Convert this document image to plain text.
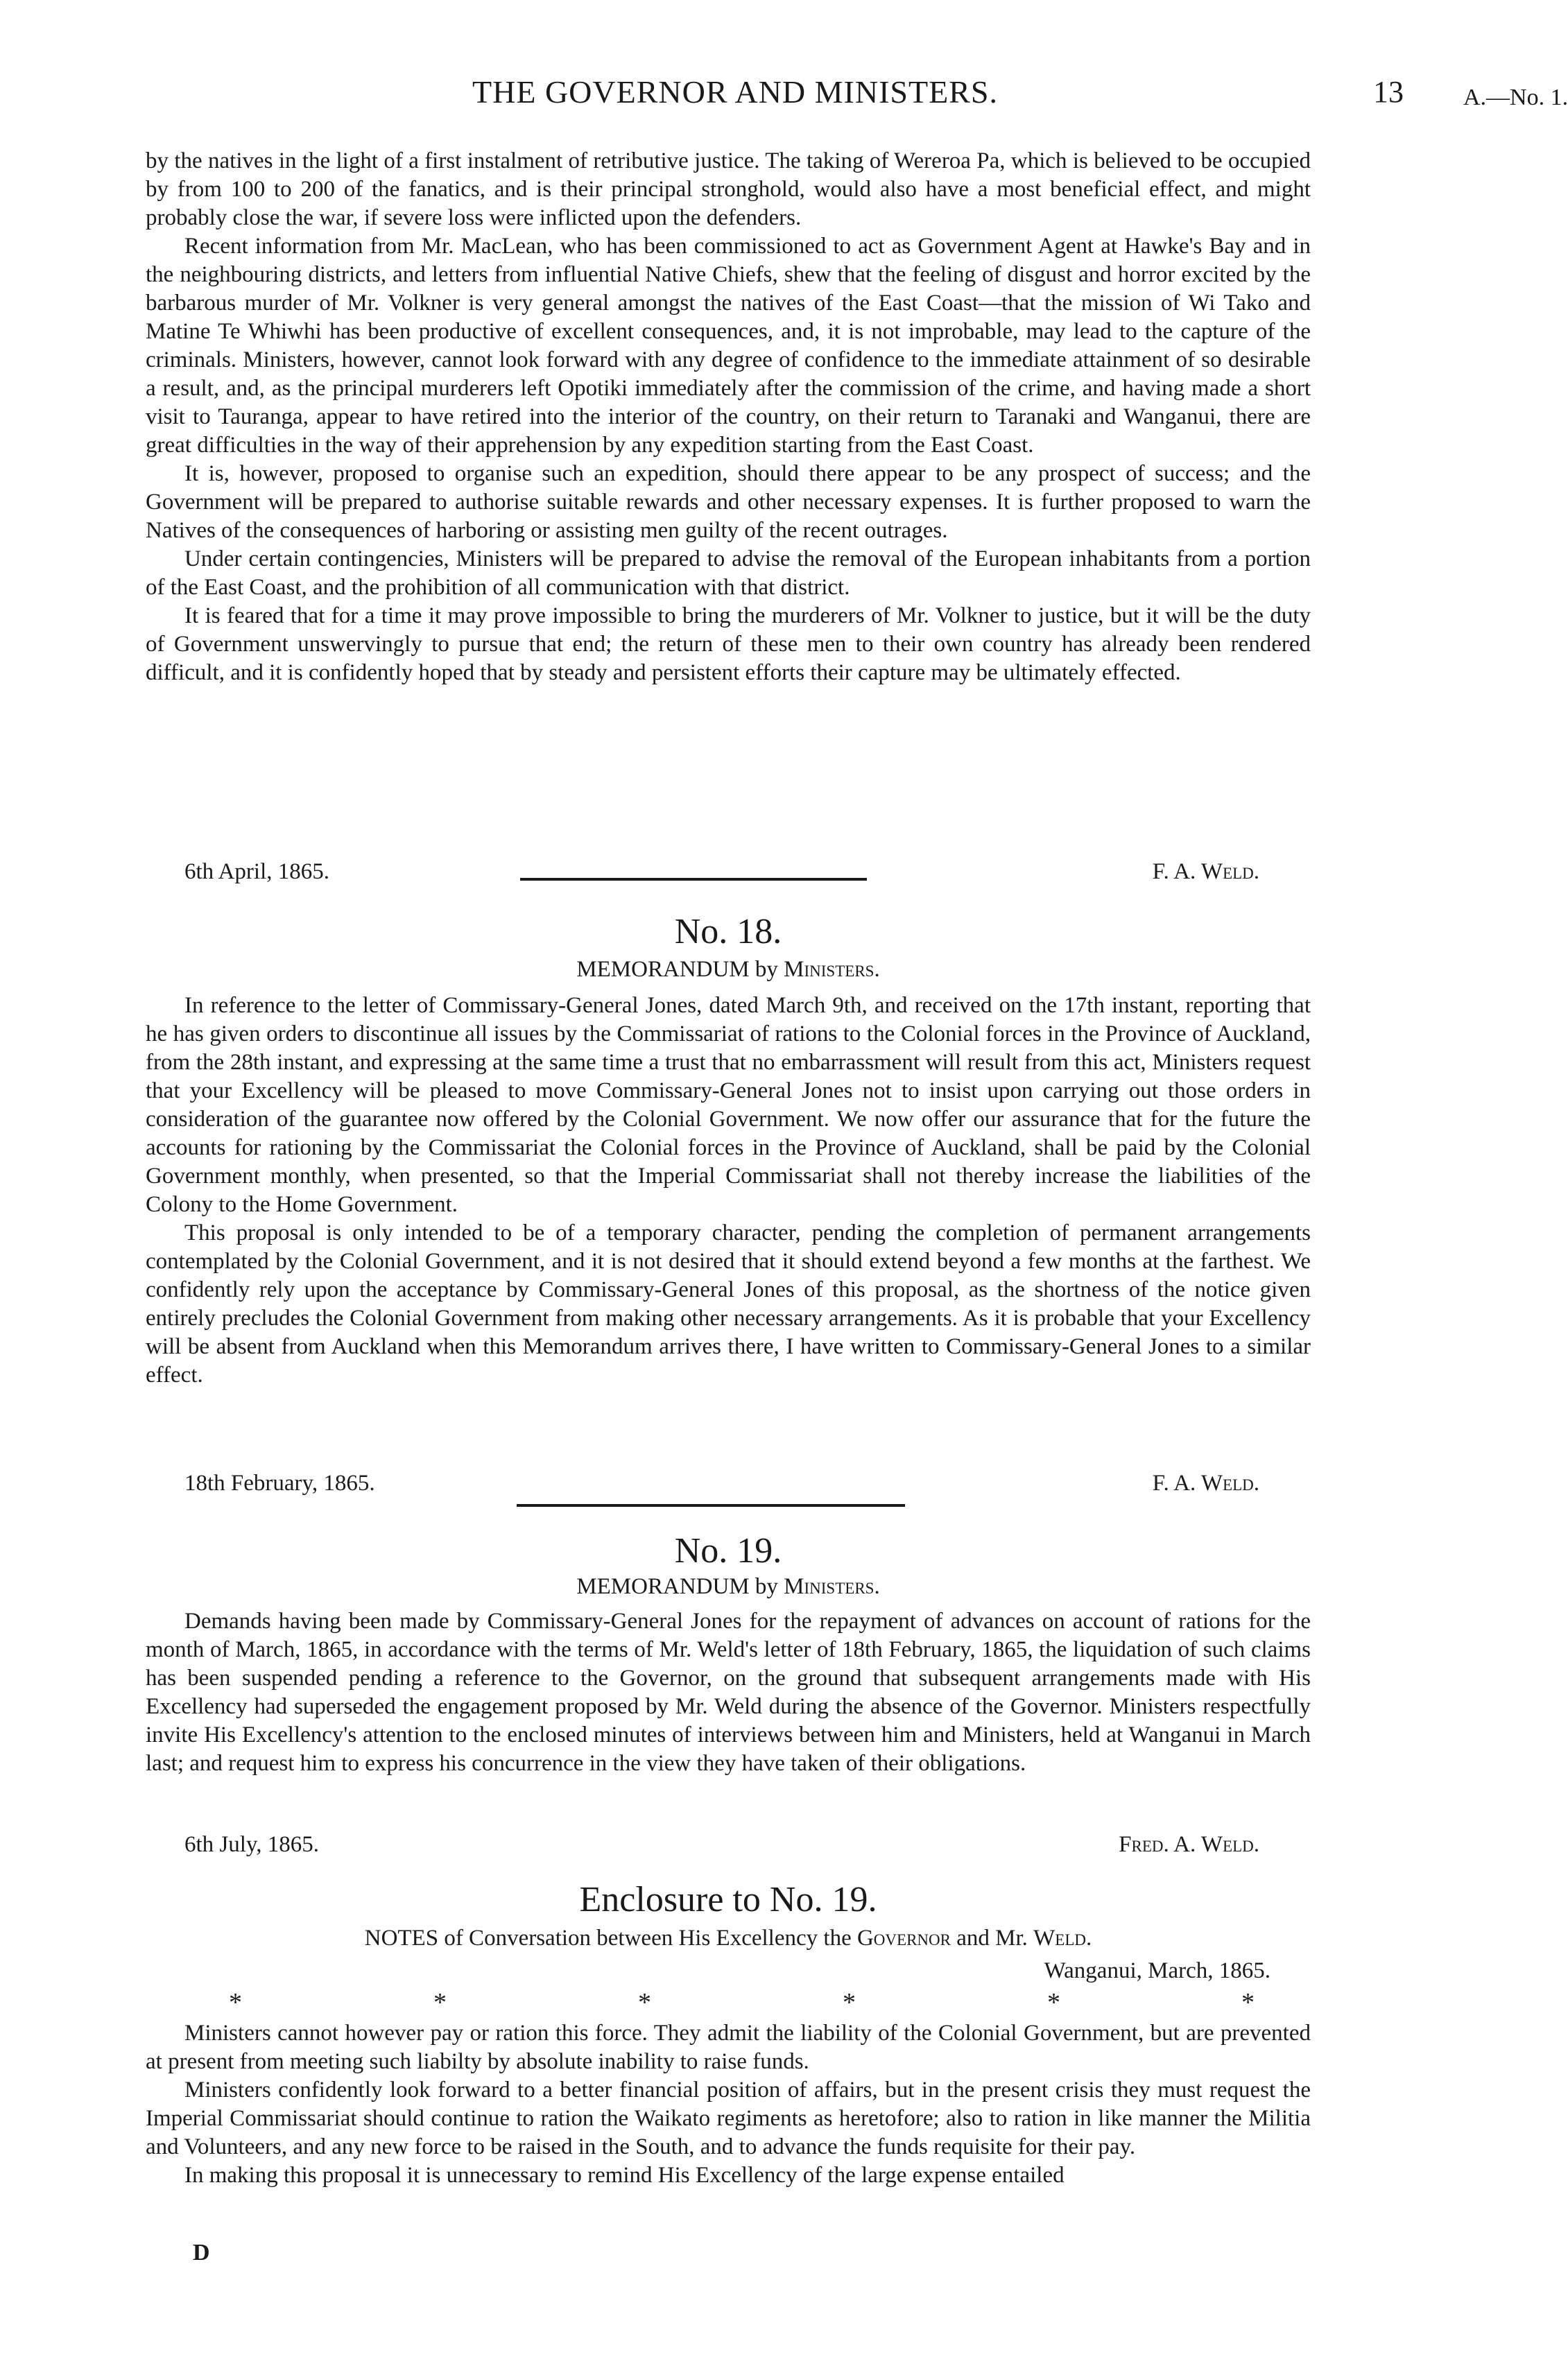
THE GOVERNOR AND MINISTERS.	13	A.—No. 1.

by the natives in the light of a first instalment of retributive justice. The taking of Wereroa Pa, which is believed to be occupied by from 100 to 200 of the fanatics, and is their principal stronghold, would also have a most beneficial effect, and might probably close the war, if severe loss were inflicted upon the defenders.

Recent information from Mr. MacLean, who has been commissioned to act as Government Agent at Hawke's Bay and in the neighbouring districts, and letters from influential Native Chiefs, shew that the feeling of disgust and horror excited by the barbarous murder of Mr. Volkner is very general amongst the natives of the East Coast—that the mission of Wi Tako and Matine Te Whiwhi has been productive of excellent consequences, and, it is not improbable, may lead to the capture of the criminals. Ministers, however, cannot look forward with any degree of confidence to the immediate attainment of so desirable a result, and, as the principal murderers left Opotiki immediately after the commission of the crime, and having made a short visit to Tauranga, appear to have retired into the interior of the country, on their return to Taranaki and Wanganui, there are great difficulties in the way of their apprehension by any expedition starting from the East Coast.

It is, however, proposed to organise such an expedition, should there appear to be any prospect of success; and the Government will be prepared to authorise suitable rewards and other necessary expenses. It is further proposed to warn the Natives of the consequences of harboring or assisting men guilty of the recent outrages.

Under certain contingencies, Ministers will be prepared to advise the removal of the European inhabitants from a portion of the East Coast, and the prohibition of all communication with that district.

It is feared that for a time it may prove impossible to bring the murderers of Mr. Volkner to justice, but it will be the duty of Government unswervingly to pursue that end; the return of these men to their own country has already been rendered difficult, and it is confidently hoped that by steady and persistent efforts their capture may be ultimately effected.

6th April, 1865.	F. A. Weld.
No. 18.
MEMORANDUM by Ministers.

In reference to the letter of Commissary-General Jones, dated March 9th, and received on the 17th instant, reporting that he has given orders to discontinue all issues by the Commissariat of rations to the Colonial forces in the Province of Auckland, from the 28th instant, and expressing at the same time a trust that no embarrassment will result from this act, Ministers request that your Excellency will be pleased to move Commissary-General Jones not to insist upon carrying out those orders in consideration of the guarantee now offered by the Colonial Government. We now offer our assurance that for the future the accounts for rationing by the Commissariat the Colonial forces in the Province of Auckland, shall be paid by the Colonial Government monthly, when presented, so that the Imperial Commissariat shall not thereby increase the liabilities of the Colony to the Home Government.

This proposal is only intended to be of a temporary character, pending the completion of permanent arrangements contemplated by the Colonial Government, and it is not desired that it should extend beyond a few months at the farthest. We confidently rely upon the acceptance by Commissary-General Jones of this proposal, as the shortness of the notice given entirely precludes the Colonial Government from making other necessary arrangements. As it is probable that your Excellency will be absent from Auckland when this Memorandum arrives there, I have written to Commissary-General Jones to a similar effect.

18th February, 1865.	F. A. Weld.
No. 19.
MEMORANDUM by Ministers.

Demands having been made by Commissary-General Jones for the repayment of advances on account of rations for the month of March, 1865, in accordance with the terms of Mr. Weld's letter of 18th February, 1865, the liquidation of such claims has been suspended pending a reference to the Governor, on the ground that subsequent arrangements made with His Excellency had superseded the engagement proposed by Mr. Weld during the absence of the Governor. Ministers respectfully invite His Excellency's attention to the enclosed minutes of interviews between him and Ministers, held at Wanganui in March last; and request him to express his concurrence in the view they have taken of their obligations.

6th July, 1865.	Fred. A. Weld.
Enclosure to No. 19.
NOTES of Conversation between His Excellency the Governor and Mr. Weld.
Wanganui, March, 1865.
*	*	*	*	*	*

Ministers cannot however pay or ration this force. They admit the liability of the Colonial Government, but are prevented at present from meeting such liabilty by absolute inability to raise funds.

Ministers confidently look forward to a better financial position of affairs, but in the present crisis they must request the Imperial Commissariat should continue to ration the Waikato regiments as heretofore; also to ration in like manner the Militia and Volunteers, and any new force to be raised in the South, and to advance the funds requisite for their pay.

In making this proposal it is unnecessary to remind His Excellency of the large expense entailed

D
